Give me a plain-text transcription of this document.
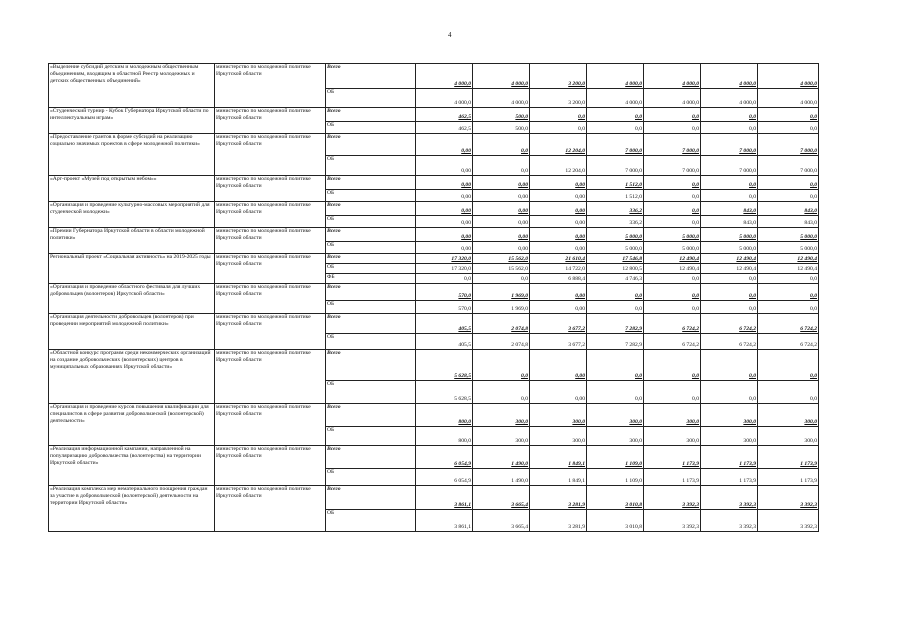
4
«Выделение субсидий детским и молодежным общественным объединениям, входящим в областной Реестр молодежных и детских общественных объединений»	министерство по молодежной политике Иркутской области	Всего	4 000,0	4 000,0	3 200,0	4 000,0	4 000,0	4 000,0	4 000,0
		ОБ	4 000,0	4 000,0	3 200,0	4 000,0	4 000,0	4 000,0	4 000,0
«Студенческий турнир - Кубок Губернатора Иркутской области по интеллектуальным играм»	министерство по молодежной политике Иркутской области	Всего	462,5	500,0	0,0	0,0	0,0	0,0	0,0
		ОБ	462,5	500,0	0,0	0,0	0,0	0,0	0,0
«Предоставление грантов в форме субсидий на реализацию социально значимых проектов в сфере молодежной политики»	министерство по молодежной политике Иркутской области	Всего	0,00	0,0	12 204,0	7 000,0	7 000,0	7 000,0	7 000,0
		ОБ	0,00	0,0	12 204,0	7 000,0	7 000,0	7 000,0	7 000,0
«Арт-проект «Музей под открытым небом»»	министерство по молодежной политике Иркутской области	Всего	0,00	0,00	0,00	1 512,0	0,0	0,0	0,0
		ОБ	0,00	0,00	0,00	1 512,0	0,0	0,0	0,0
«Организация и проведение культурно-массовых мероприятий для студенческой молодежи»	министерство по молодежной политике Иркутской области	Всего	0,00	0,00	0,00	336,2	0,0	843,0	843,0
		ОБ	0,00	0,00	0,00	336,2	0,0	843,0	843,0
«Премии Губернатора Иркутской области в области молодежной политики»	министерство по молодежной политике Иркутской области	Всего	0,00	0,00	0,00	5 000,0	5 000,0	5 000,0	5 000,0
		ОБ	0,00	0,00	0,00	5 000,0	5 000,0	5 000,0	5 000,0
Региональный проект «Социальная активность» на 2019-2025 годы	министерство по молодежной политике Иркутской области	Всего	17 320,0	15 562,0	21 610,4	17 546,8	12 490,4	12 490,4	12 490,4
		ОБ	17 320,0	15 562,0	14 722,0	12 800,5	12 490,4	12 490,4	12 490,4
		ФБ	0,0	0,0	6 888,4	4 746,3	0,0	0,0	0,0
«Организация и проведение областного фестиваля для лучших добровольцев (волонтеров) Иркутской области»	министерство по молодежной политике Иркутской области	Всего	570,0	1 969,0	0,00	0,0	0,0	0,0	0,0
		ОБ	570,0	1 969,0	0,00	0,0	0,0	0,0	0,0
«Организация деятельности добровольцев (волонтеров) при проведении мероприятий молодежной политики»	министерство по молодежной политике Иркутской области	Всего	405,5	2 074,8	3 677,2	7 282,9	6 724,2	6 724,2	6 724,2
		ОБ	405,5	2 074,8	3 677,2	7 282,9	6 724,2	6 724,2	6 724,2
«Областной конкурс программ среди некоммерческих организаций на создание добровольческих (волонтерских) центров в муниципальных образованиях Иркутской области»	министерство по молодежной политике Иркутской области	Всего	5 628,5	0,0	0,00	0,0	0,0	0,0	0,0
		ОБ	5 628,5	0,0	0,00	0,0	0,0	0,0	0,0
«Организация и проведение курсов повышения квалификации для специалистов в сфере развития добровольческой (волонтерской) деятельности»	министерство по молодежной политике Иркутской области	Всего	800,0	300,0	300,0	300,0	300,0	300,0	300,0
		ОБ	800,0	300,0	300,0	300,0	300,0	300,0	300,0
«Реализация информационной кампании, направленной на популяризацию добровольчества (волонтерства) на территории Иркутской области»	министерство по молодежной политике Иркутской области	Всего	6 054,9	1 490,0	1 849,1	1 109,0	1 173,9	1 173,9	1 173,9
		ОБ	6 054,9	1 490,0	1 849,1	1 109,0	1 173,9	1 173,9	1 173,9
«Реализация комплекса мер нематериального поощрения граждан за участие в добровольческой (волонтерской) деятельности на территории Иркутской области»	министерство по молодежной политике Иркутской области	Всего	3 861,1	3 665,4	3 281,9	3 010,8	3 392,3	3 392,3	3 392,3
		ОБ	3 861,1	3 665,4	3 281,9	3 010,8	3 392,3	3 392,3	3 392,3
